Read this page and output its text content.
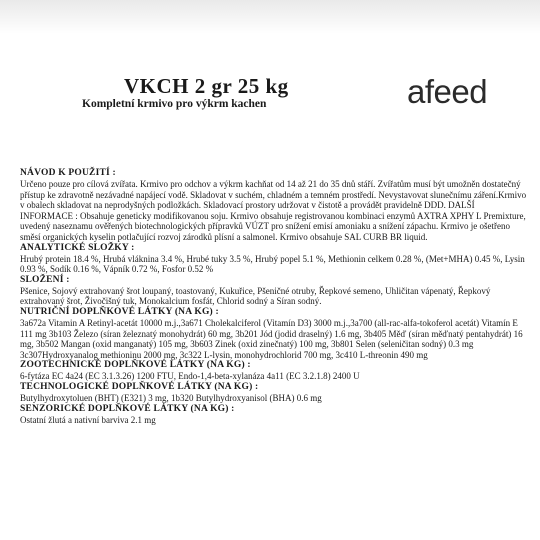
VKCH 2 gr 25 kg
Kompletní krmivo pro výkrm kachen	afeed
NÁVOD K POUŽITÍ :

Určeno pouze pro cílová zvířata. Krmivo pro odchov a výkrm kachňat od 14 až 21 do 35 dnů stáří. Zvířatům musí být umožněn dostatečný přístup ke zdravotně nezávadné napájecí vodě. Skladovat v suchém, chladném a temném prostředí. Nevystavovat slunečnímu záření.Krmivo v obalech skladovat na neprodyšných podložkách. Skladovací prostory udržovat v čistotě a provádět pravidelně DDD. DALŠÍ INFORMACE : Obsahuje geneticky modifikovanou soju. Krmivo obsahuje registrovanou kombinaci enzymů AXTRA XPHY L Premixture, uvedený naseznamu ověřených biotechnologických přípravků VÚZT pro snížení emisí amoniaku a snížení zápachu. Krmivo je ošetřeno směsí organických kyselin potlačující rozvoj zárodků plísní a salmonel. Krmivo obsahuje SAL CURB BR liquid.

ANALYTICKÉ SLOŽKY :

Hrubý protein 18.4 %, Hrubá vláknina 3.4 %, Hrubé tuky 3.5 %, Hrubý popel 5.1 %, Methionin celkem 0.28 %, (Met+MHA) 0.45 %, Lysin 0.93 %, Sodík 0.16 %, Vápník 0.72 %, Fosfor 0.52 %

SLOŽENÍ :

Pšenice, Sojový extrahovaný šrot loupaný, toastovaný, Kukuřice, Pšeničné otruby, Řepkové semeno, Uhličitan vápenatý, Řepkový extrahovaný šrot, Živočišný tuk, Monokalcium fosfát, Chlorid sodný a Síran sodný.

NUTRIČNÍ DOPLŇKOVÉ LÁTKY (NA KG) :

3a672a Vitamin A Retinyl-acetát 10000 m.j.,3a671 Cholekalciferol (Vitamín D3) 3000 m.j.,3a700 (all-rac-alfa-tokoferol acetát) Vitamín E 111 mg 3b103 Železo (síran železnatý monohydrát) 60 mg, 3b201 Jód (jodid draselný) 1.6 mg, 3b405 Měď (síran měďnatý pentahydrát) 16 mg, 3b502 Mangan (oxid manganatý) 105 mg, 3b603 Zinek (oxid zinečnatý) 100 mg, 3b801 Selen (seleničitan sodný) 0.3 mg 3c307Hydroxyanalog methioninu 2000 mg, 3c322 L-lysin, monohydrochlorid 700 mg, 3c410 L-threonin 490 mg

ZOOTECHNICKÉ DOPLŇKOVÉ LÁTKY (NA KG) :

6-fytáza EC 4a24 (EC 3.1.3.26) 1200 FTU, Endo-1,4-beta-xylanáza 4a11 (EC 3.2.1.8) 2400 U

TECHNOLOGICKÉ DOPLŇKOVÉ LÁTKY (NA KG) :

Butylhydroxytoluen (BHT) (E321) 3 mg, 1b320 Butylhydroxyanisol (BHA) 0.6 mg

SENZORICKÉ DOPLŇKOVÉ LÁTKY (NA KG) :

Ostatní žlutá a nativní barviva 2.1 mg
